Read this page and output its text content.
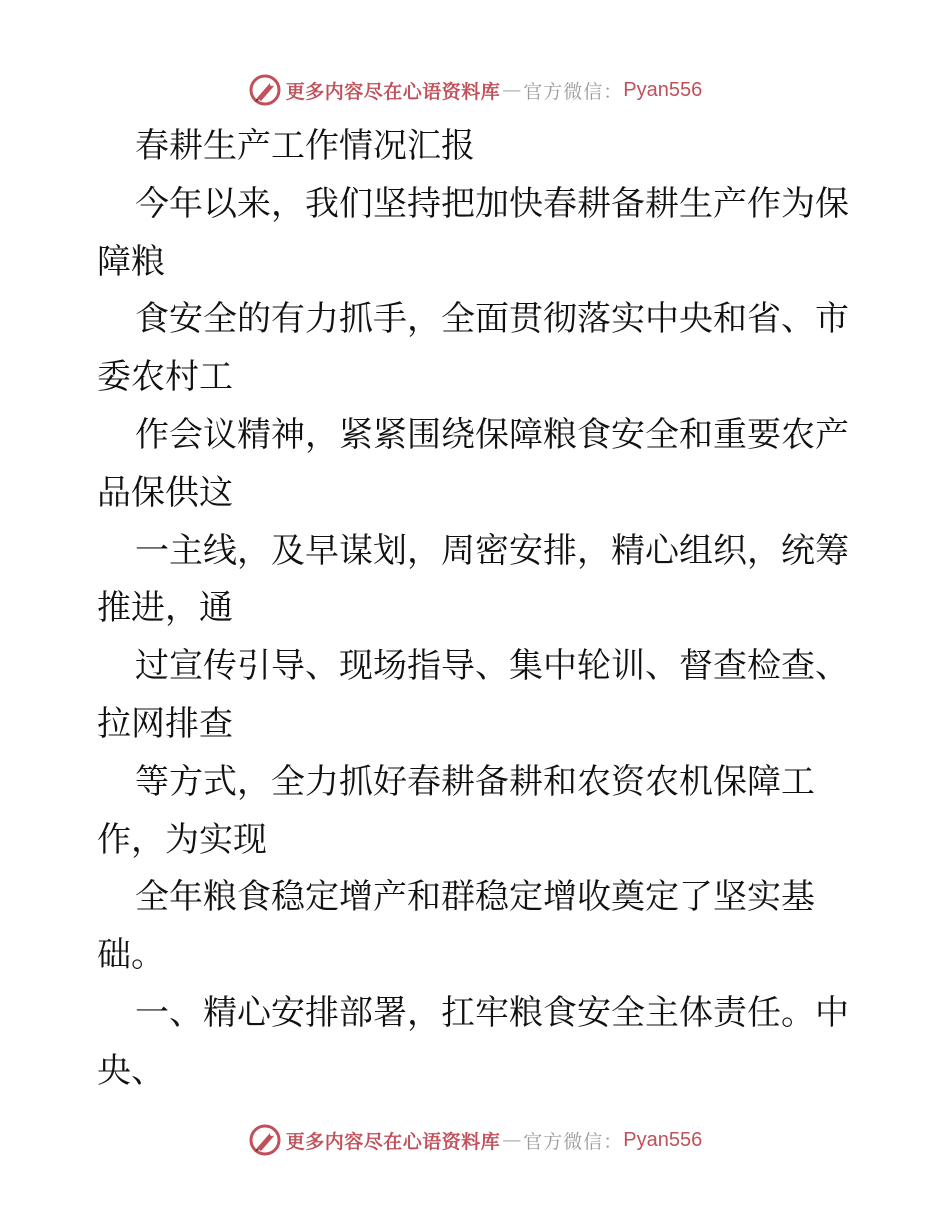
更多内容尽在心语资料库 — 官方微信： Pyan556
春耕生产工作情况汇报
今年以来，我们坚持把加快春耕备耕生产作为保
障粮
食安全的有力抓手，全面贯彻落实中央和省、市
委农村工
作会议精神，紧紧围绕保障粮食安全和重要农产
品保供这
一主线，及早谋划，周密安排，精心组织，统筹
推进，通
过宣传引导、现场指导、集中轮训、督查检查、
拉网排查
等方式，全力抓好春耕备耕和农资农机保障工
作，为实现
全年粮食稳定增产和群稳定增收奠定了坚实基
础。
一、精心安排部署，扛牢粮食安全主体责任。中
央、
更多内容尽在心语资料库 — 官方微信： Pyan556
